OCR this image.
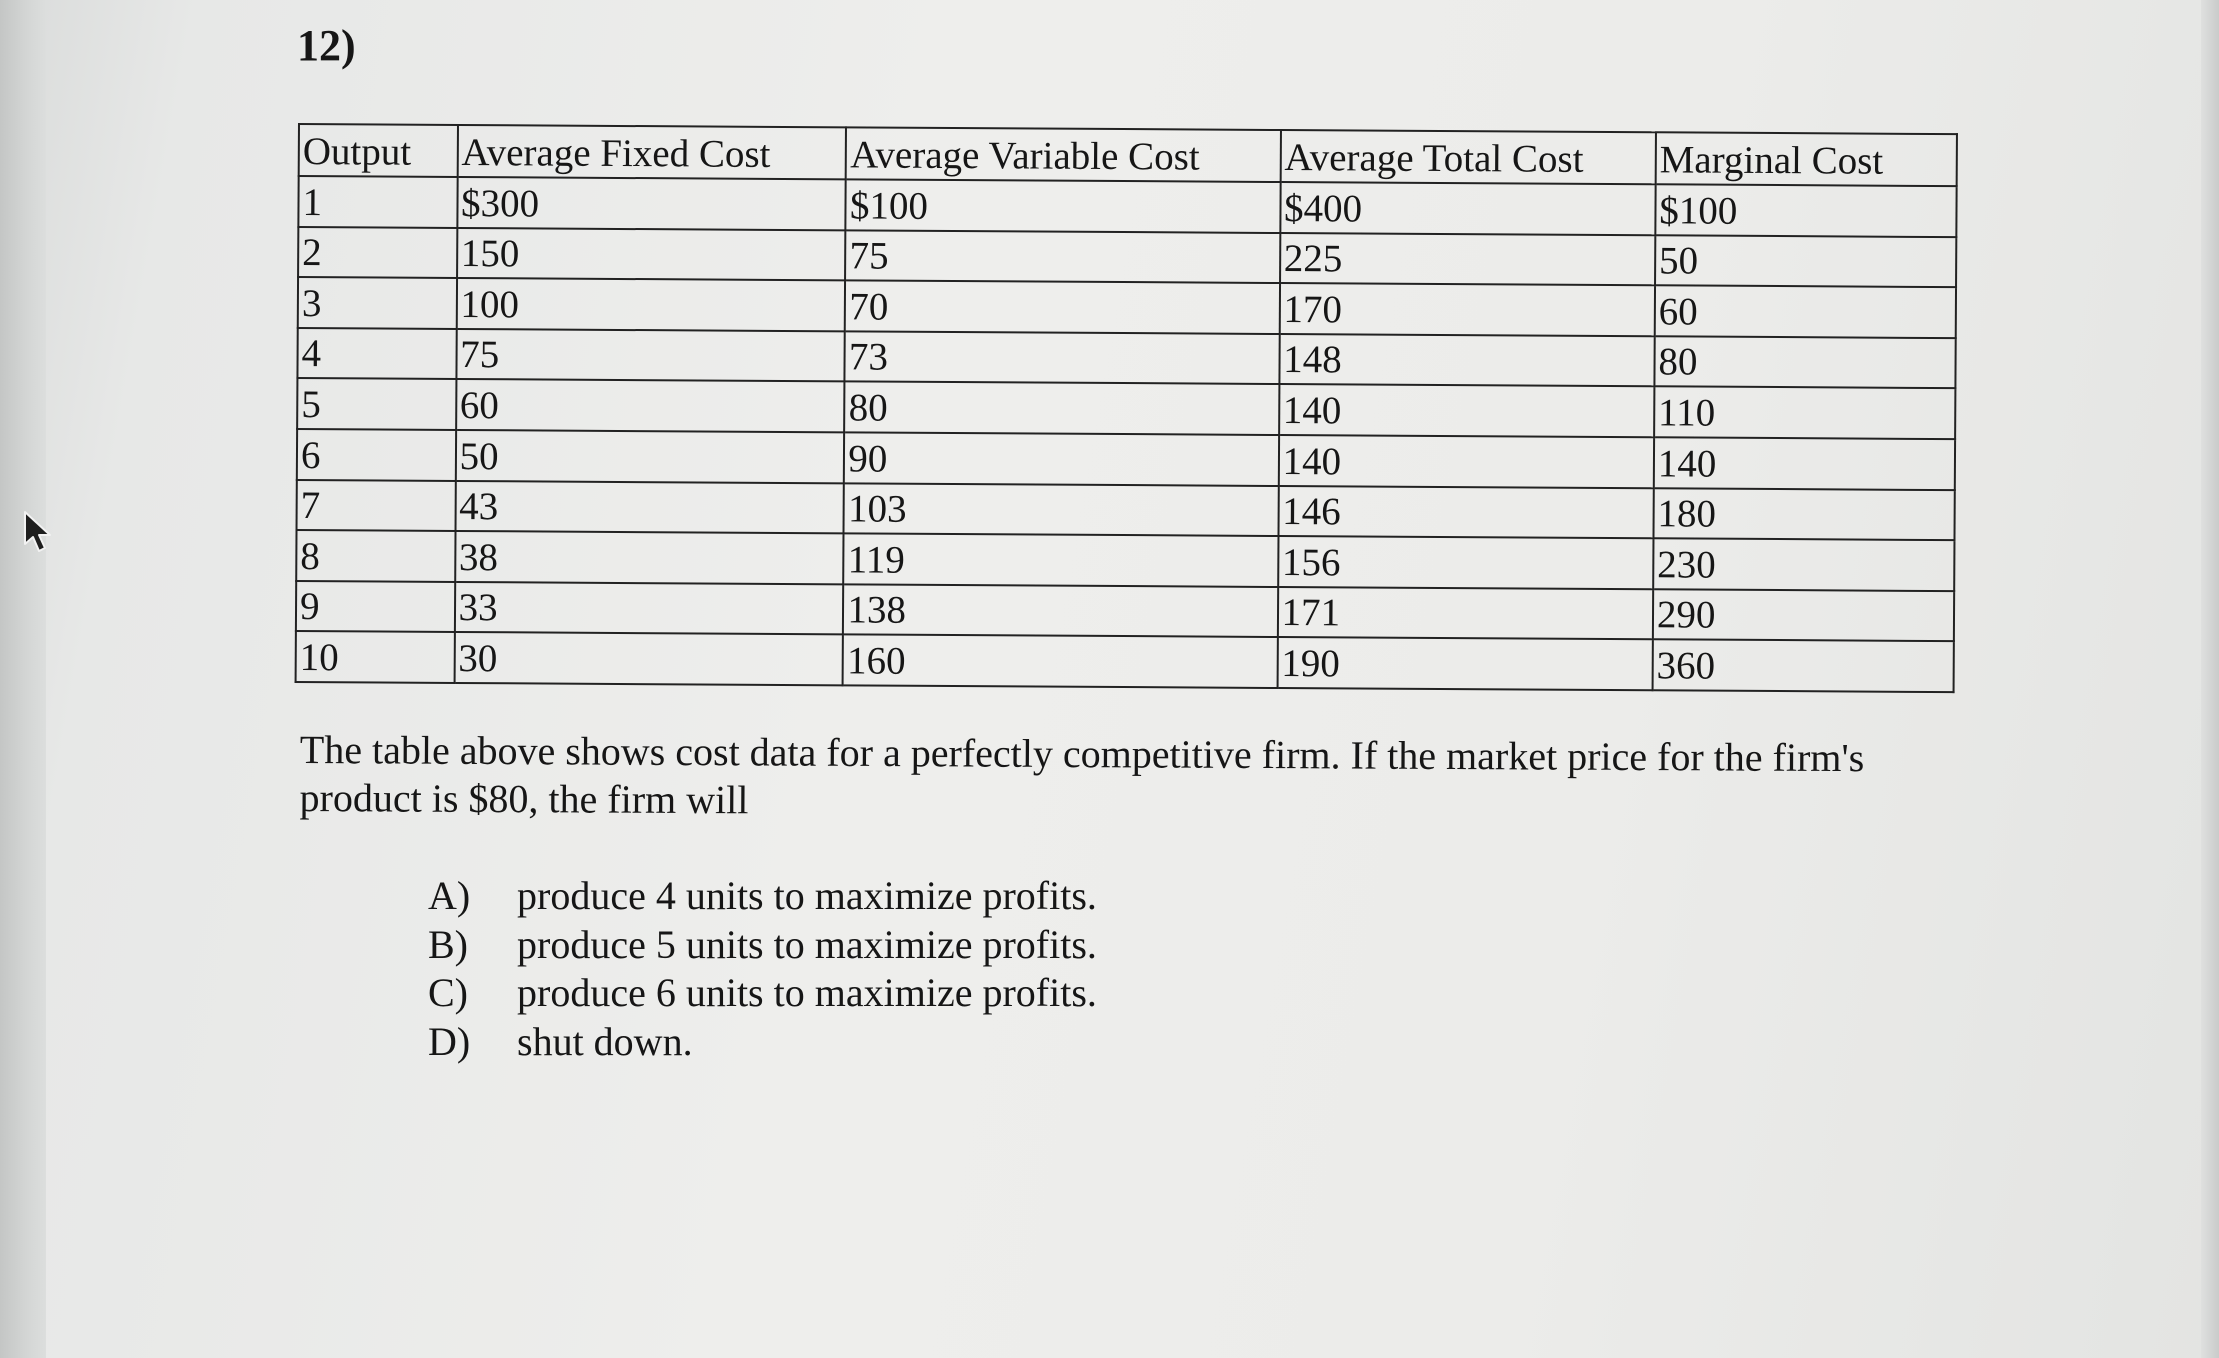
12)
Output	Average Fixed Cost	Average Variable Cost	Average Total Cost	Marginal Cost
1	$300	$100	$400	$100
2	150	75	225	50
3	100	70	170	60
4	75	73	148	80
5	60	80	140	110
6	50	90	140	140
7	43	103	146	180
8	38	119	156	230
9	33	138	171	290
10	30	160	190	360
The table above shows cost data for a perfectly competitive firm. If the market price for the firm's product is $80, the firm will
A)	produce 4 units to maximize profits.
B)	produce 5 units to maximize profits.
C)	produce 6 units to maximize profits.
D)	shut down.
